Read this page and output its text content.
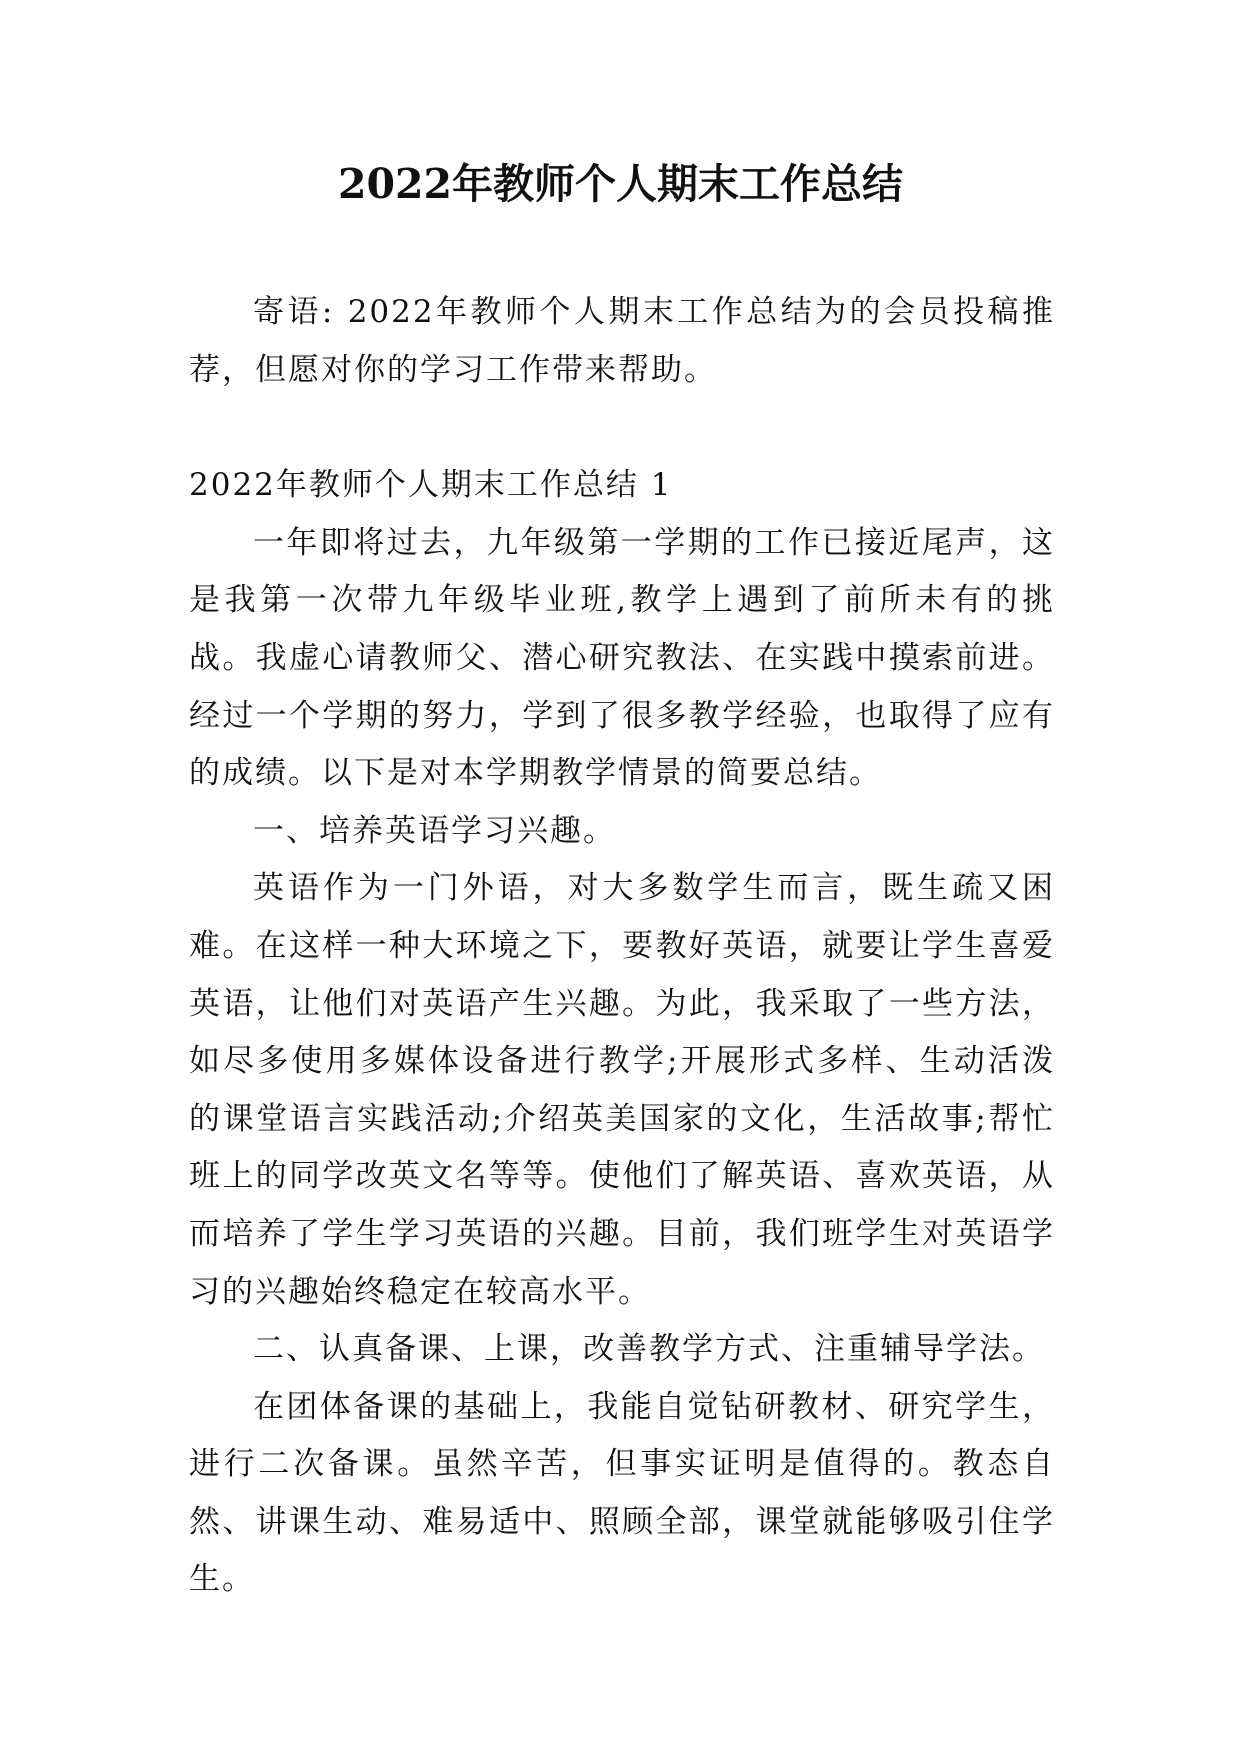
2022年教师个人期末工作总结

寄语: 2022年教师个人期末工作总结为的会员投稿推荐，但愿对你的学习工作带来帮助。

2022年教师个人期末工作总结 1

一年即将过去，九年级第一学期的工作已接近尾声，这是我第一次带九年级毕业班,教学上遇到了前所未有的挑战。我虚心请教师父、潜心研究教法、在实践中摸索前进。经过一个学期的努力，学到了很多教学经验，也取得了应有的成绩。以下是对本学期教学情景的简要总结。

一、培养英语学习兴趣。

英语作为一门外语，对大多数学生而言，既生疏又困难。在这样一种大环境之下，要教好英语，就要让学生喜爱英语，让他们对英语产生兴趣。为此，我采取了一些方法，如尽多使用多媒体设备进行教学;开展形式多样、生动活泼的课堂语言实践活动;介绍英美国家的文化，生活故事;帮忙班上的同学改英文名等等。使他们了解英语、喜欢英语，从而培养了学生学习英语的兴趣。目前，我们班学生对英语学习的兴趣始终稳定在较高水平。

二、认真备课、上课，改善教学方式、注重辅导学法。

在团体备课的基础上，我能自觉钻研教材、研究学生，进行二次备课。虽然辛苦，但事实证明是值得的。教态自然、讲课生动、难易适中、照顾全部，课堂就能够吸引住学生。
